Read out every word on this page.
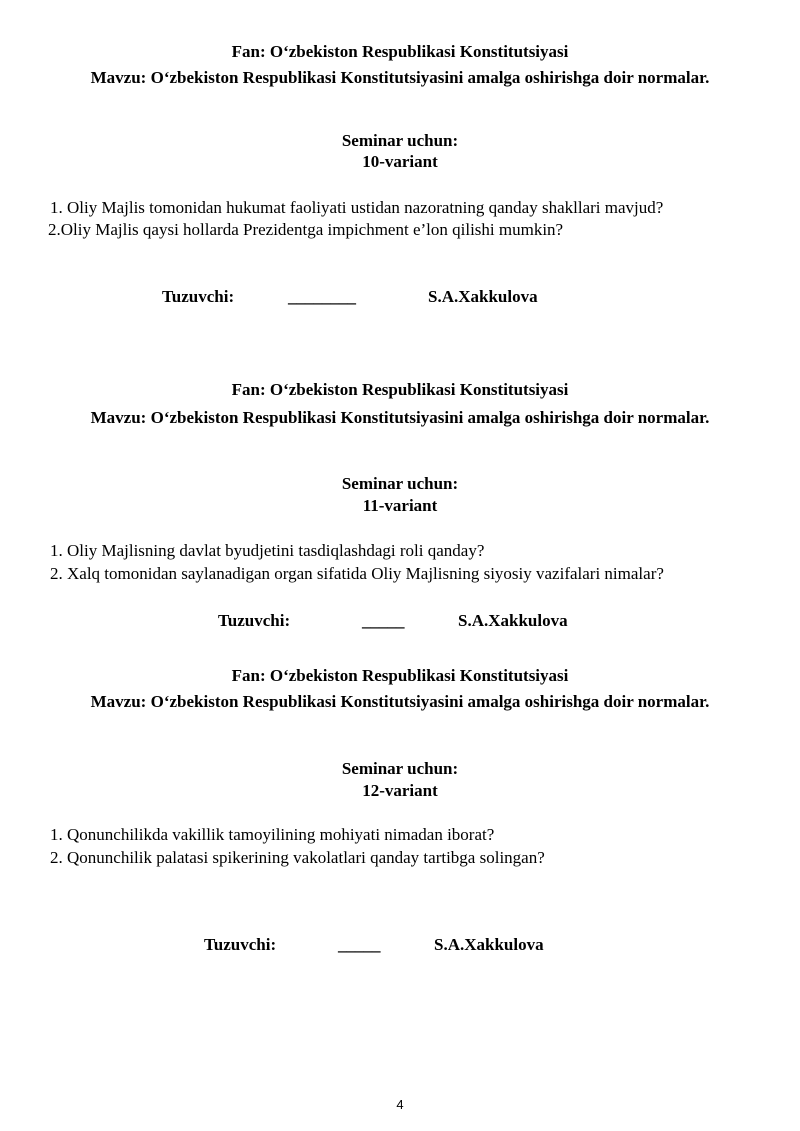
Fan: O‘zbekiston Respublikasi Konstitutsiyasi
Mavzu: O‘zbekiston Respublikasi Konstitutsiyasini amalga oshirishga doir normalar.
Seminar uchun:
10-variant
1. Oliy Majlis tomonidan hukumat faoliyati ustidan nazoratning qanday shakllari mavjud?
2.Oliy Majlis qaysi hollarda Prezidentga impichment e’lon qilishi mumkin?
Tuzuvchi:	________	S.A.Xakkulova
Fan: O‘zbekiston Respublikasi Konstitutsiyasi
Mavzu: O‘zbekiston Respublikasi Konstitutsiyasini amalga oshirishga doir normalar.
Seminar uchun:
11-variant
1. Oliy Majlisning davlat byudjetini tasdiqlashdagi roli qanday?
2. Xalq tomonidan saylanadigan organ sifatida Oliy Majlisning siyosiy vazifalari nimalar?
Tuzuvchi:	_____	S.A.Xakkulova
Fan: O‘zbekiston Respublikasi Konstitutsiyasi
Mavzu: O‘zbekiston Respublikasi Konstitutsiyasini amalga oshirishga doir normalar.
Seminar uchun:
12-variant
1. Qonunchilikda vakillik tamoyilining mohiyati nimadan iborat?
2. Qonunchilik palatasi spikerining vakolatlari qanday tartibga solingan?
Tuzuvchi:	_____	S.A.Xakkulova
4
